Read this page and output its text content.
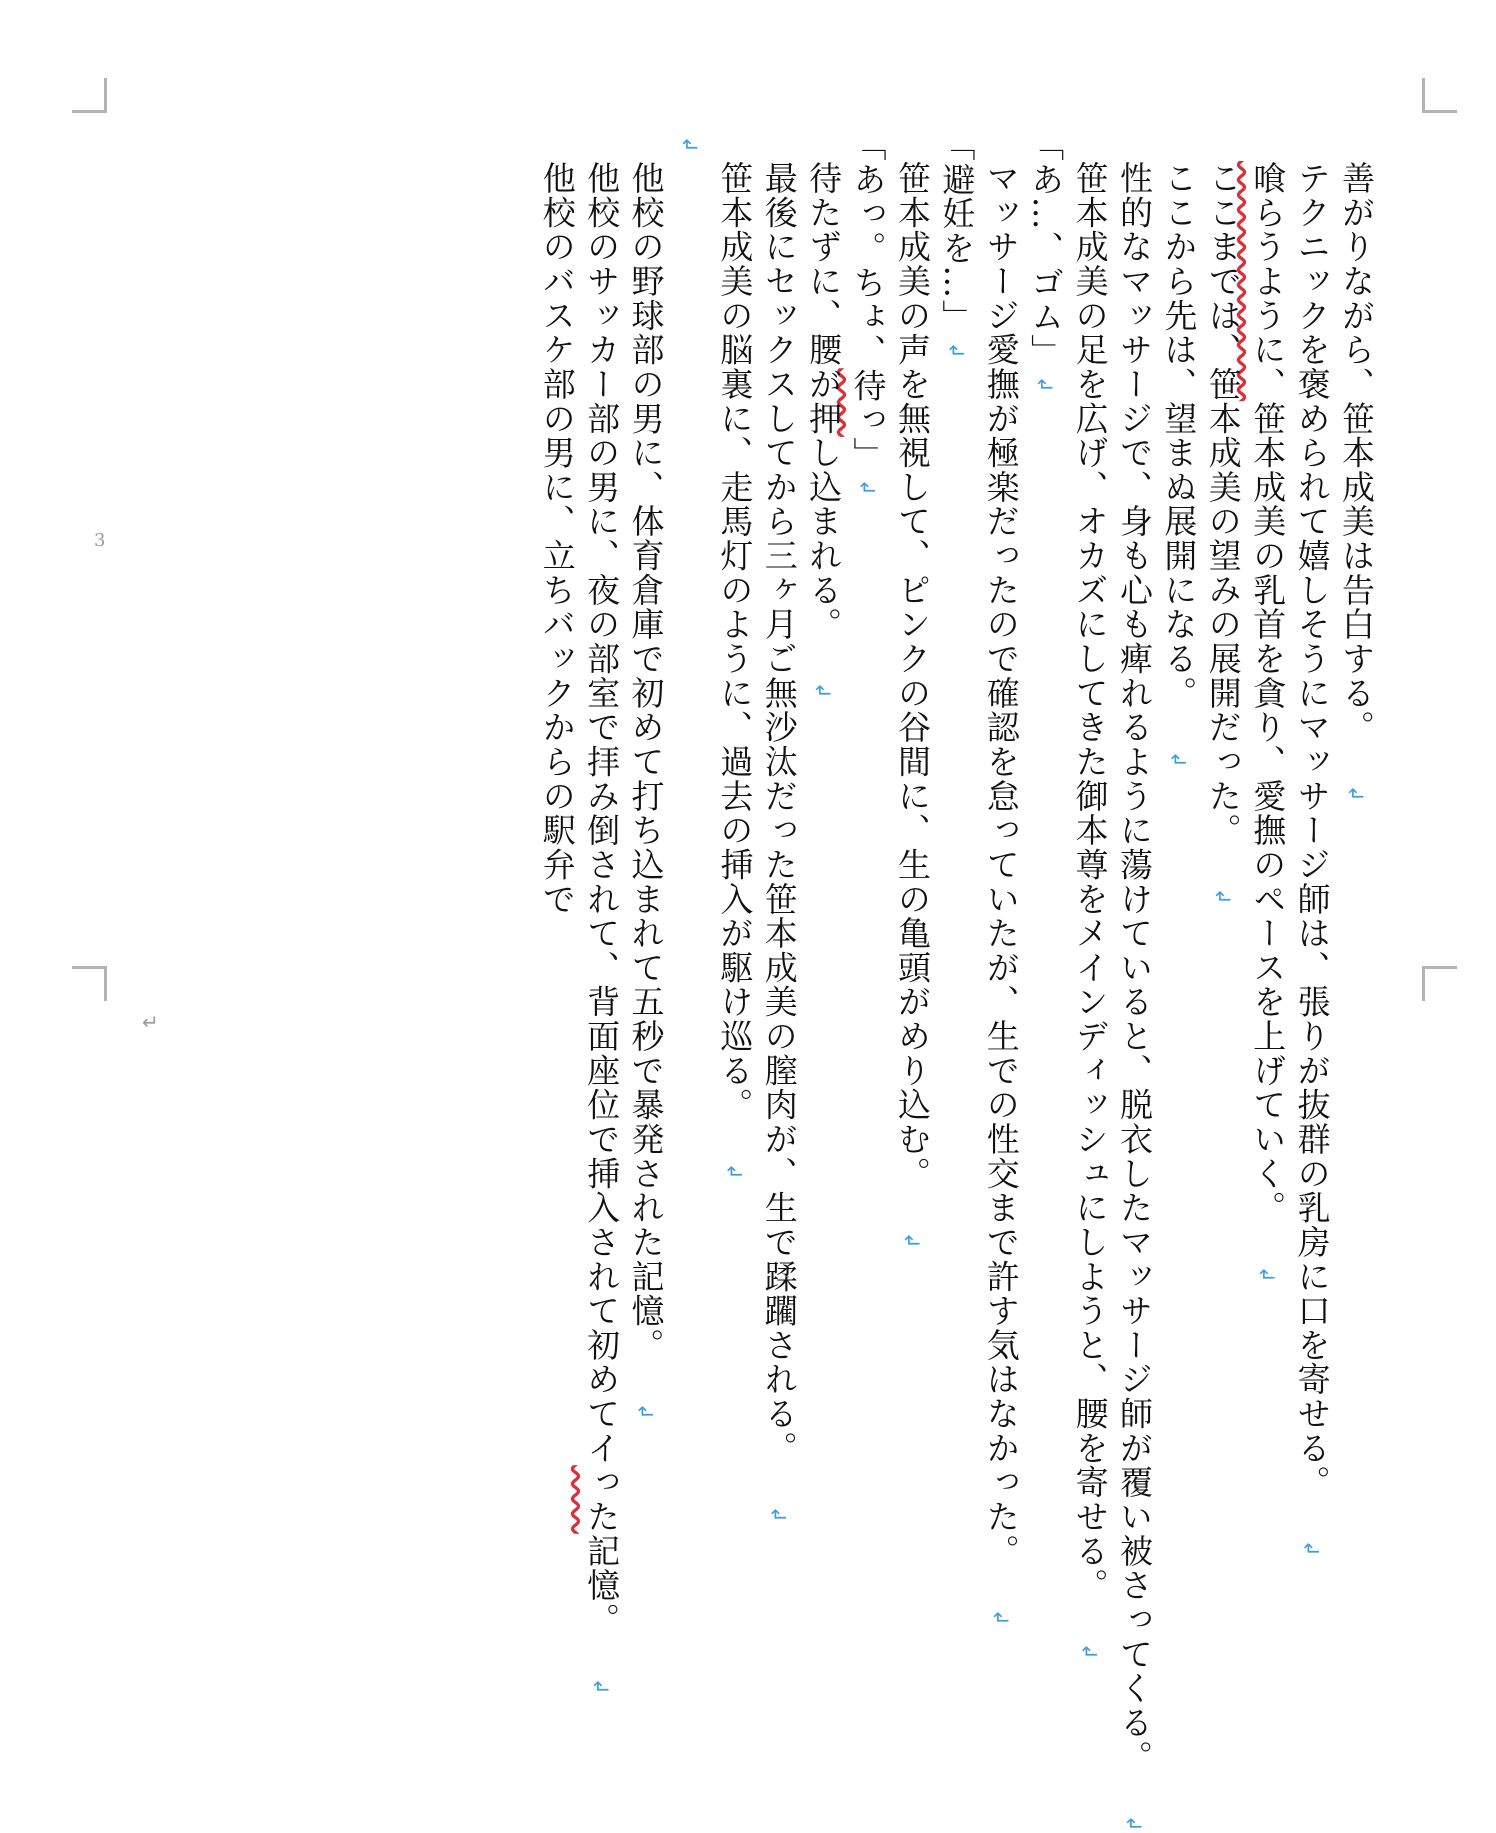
善がりながら、笹本成美は告白する。↲

テクニックを褒められて嬉しそうにマッサージ師は、張りが抜群の乳房に口を寄せる。↲

喰らうように、笹本成美の乳首を貪り、愛撫のペースを上げていく。↲

ここまでは、笹本成美の望みの展開だった。↲

ここから先は、望まぬ展開になる。↲

性的なマッサージで、身も心も痺れるように蕩けていると、脱衣したマッサージ師が覆い被さってくる。↲

笹本成美の足を広げ、オカズにしてきた御本尊をメインディッシュにしようと、腰を寄せる。↲

「あ…、ゴム」↲

マッサージ愛撫が極楽だったので確認を怠っていたが、生での性交まで許す気はなかった。↲

「避妊を…」↲

笹本成美の声を無視して、ピンクの谷間に、生の亀頭がめり込む。↲

「あっ。ちょ、待っ」↲

待たずに、腰が押し込まれる。↲

最後にセックスしてから三ヶ月ご無沙汰だった笹本成美の膣肉が、生で蹂躙される。↲

笹本成美の脳裏に、走馬灯のように、過去の挿入が駆け巡る。↲

↲

他校の野球部の男に、体育倉庫で初めて打ち込まれて五秒で暴発された記憶。↲

他校のサッカー部の男に、夜の部室で拝み倒されて、背面座位で挿入されて初めてイった記憶。↲

他校のバスケ部の男に、立ちバックからの駅弁で

3
↵
